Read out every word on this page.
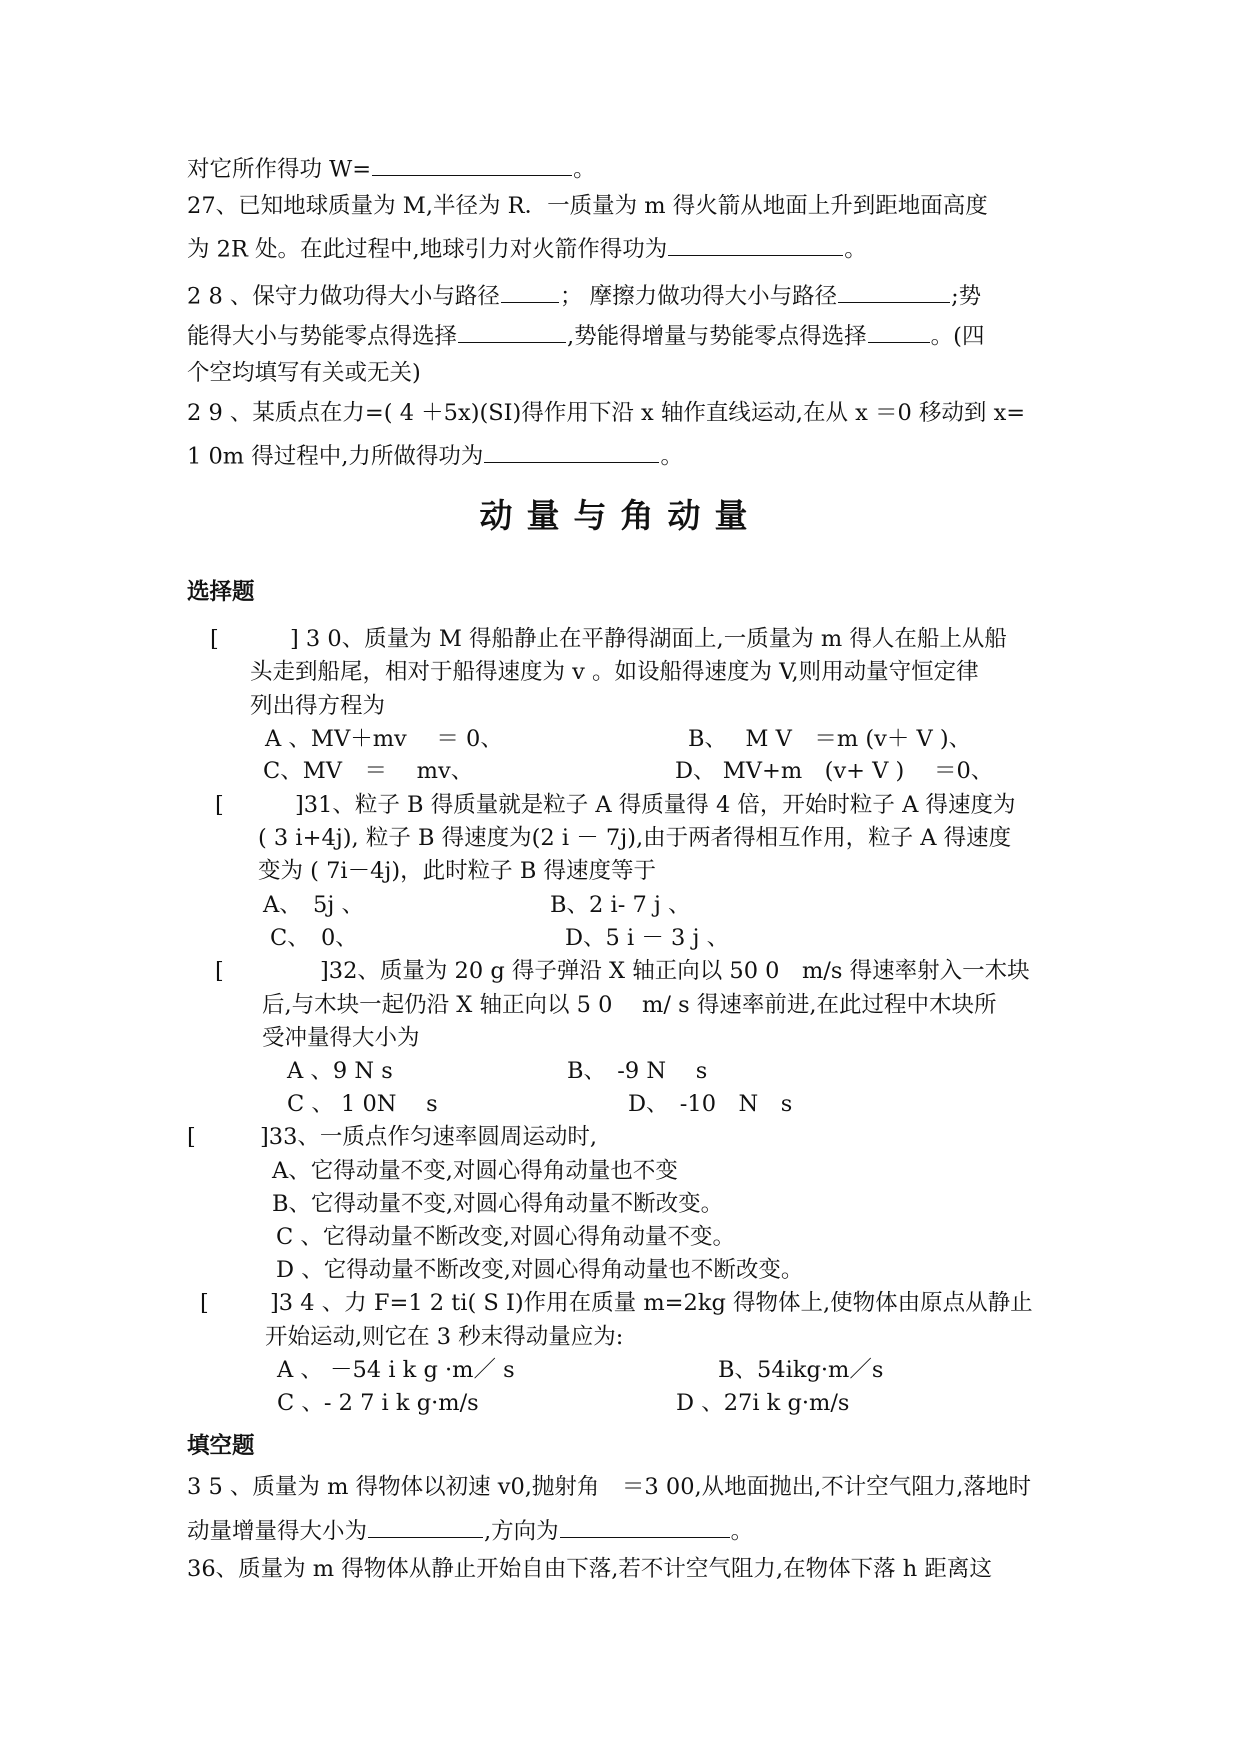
对它所作得功 W=	。
27、已知地球质量为 M,半径为 R．一质量为 m 得火箭从地面上升到距地面高度
为 2R 处。在此过程中,地球引力对火箭作得功为	。
2 8 、保守力做功得大小与路径	； 摩擦力做功得大小与路径	;势
能得大小与势能零点得选择	,势能得增量与势能零点得选择	。(四
个空均填写有关或无关)
2 9 、某质点在力=( 4 ＋5x)(SI)得作用下沿 x 轴作直线运动,在从 x ＝0 移动到 x=
1 0m 得过程中,力所做得功为	。
动量与角动量
选择题
[	] 3 0、质量为 M 得船静止在平静得湖面上,一质量为 m 得人在船上从船
头走到船尾，相对于船得速度为 v 。如设船得速度为 V,则用动量守恒定律
列出得方程为
A 、MV＋mv　 ＝ 0、	B、　 M V　＝m (v＋ V )、
C、MV　＝　 mv、	D、 MV+m　(v+ V )　 ＝0、
[	]31、粒子 B 得质量就是粒子 A 得质量得 4 倍，开始时粒子 A 得速度为
( 3 i+4j), 粒子 B 得速度为(2 i － 7j),由于两者得相互作用，粒子 A 得速度
变为 ( 7i－4j)，此时粒子 B 得速度等于
A、　5j 、	B、2 i- 7 j 、
C、　0、	D、5 i － 3 j 、
[	]32、质量为 20 g 得子弹沿 X 轴正向以 50 0　m/s 得速率射入一木块
后,与木块一起仍沿 X 轴正向以 5 0　 m/ s 得速率前进,在此过程中木块所
受冲量得大小为
A 、9 N s	B、　-9 N　 s
C 、 1 0N　 s	D、　-10　N　s
[	]33、一质点作匀速率圆周运动时,
A、它得动量不变,对圆心得角动量也不变
B、它得动量不变,对圆心得角动量不断改变。
C 、它得动量不断改变,对圆心得角动量不变。
D 、它得动量不断改变,对圆心得角动量也不断改变。
[	]3 4 、力 F=1 2 ti( S I)作用在质量 m=2kg 得物体上,使物体由原点从静止
开始运动,则它在 3 秒末得动量应为:
A 、 －54 i k g ·m／ s	B、54ikg·m／s
C 、- 2 7 i k g·m/s	D 、27i k g·m/s
填空题
3 5 、质量为 m 得物体以初速 v0,抛射角　＝3 00,从地面抛出,不计空气阻力,落地时
动量增量得大小为	,方向为	。
36、质量为 m 得物体从静止开始自由下落,若不计空气阻力,在物体下落 h 距离这
